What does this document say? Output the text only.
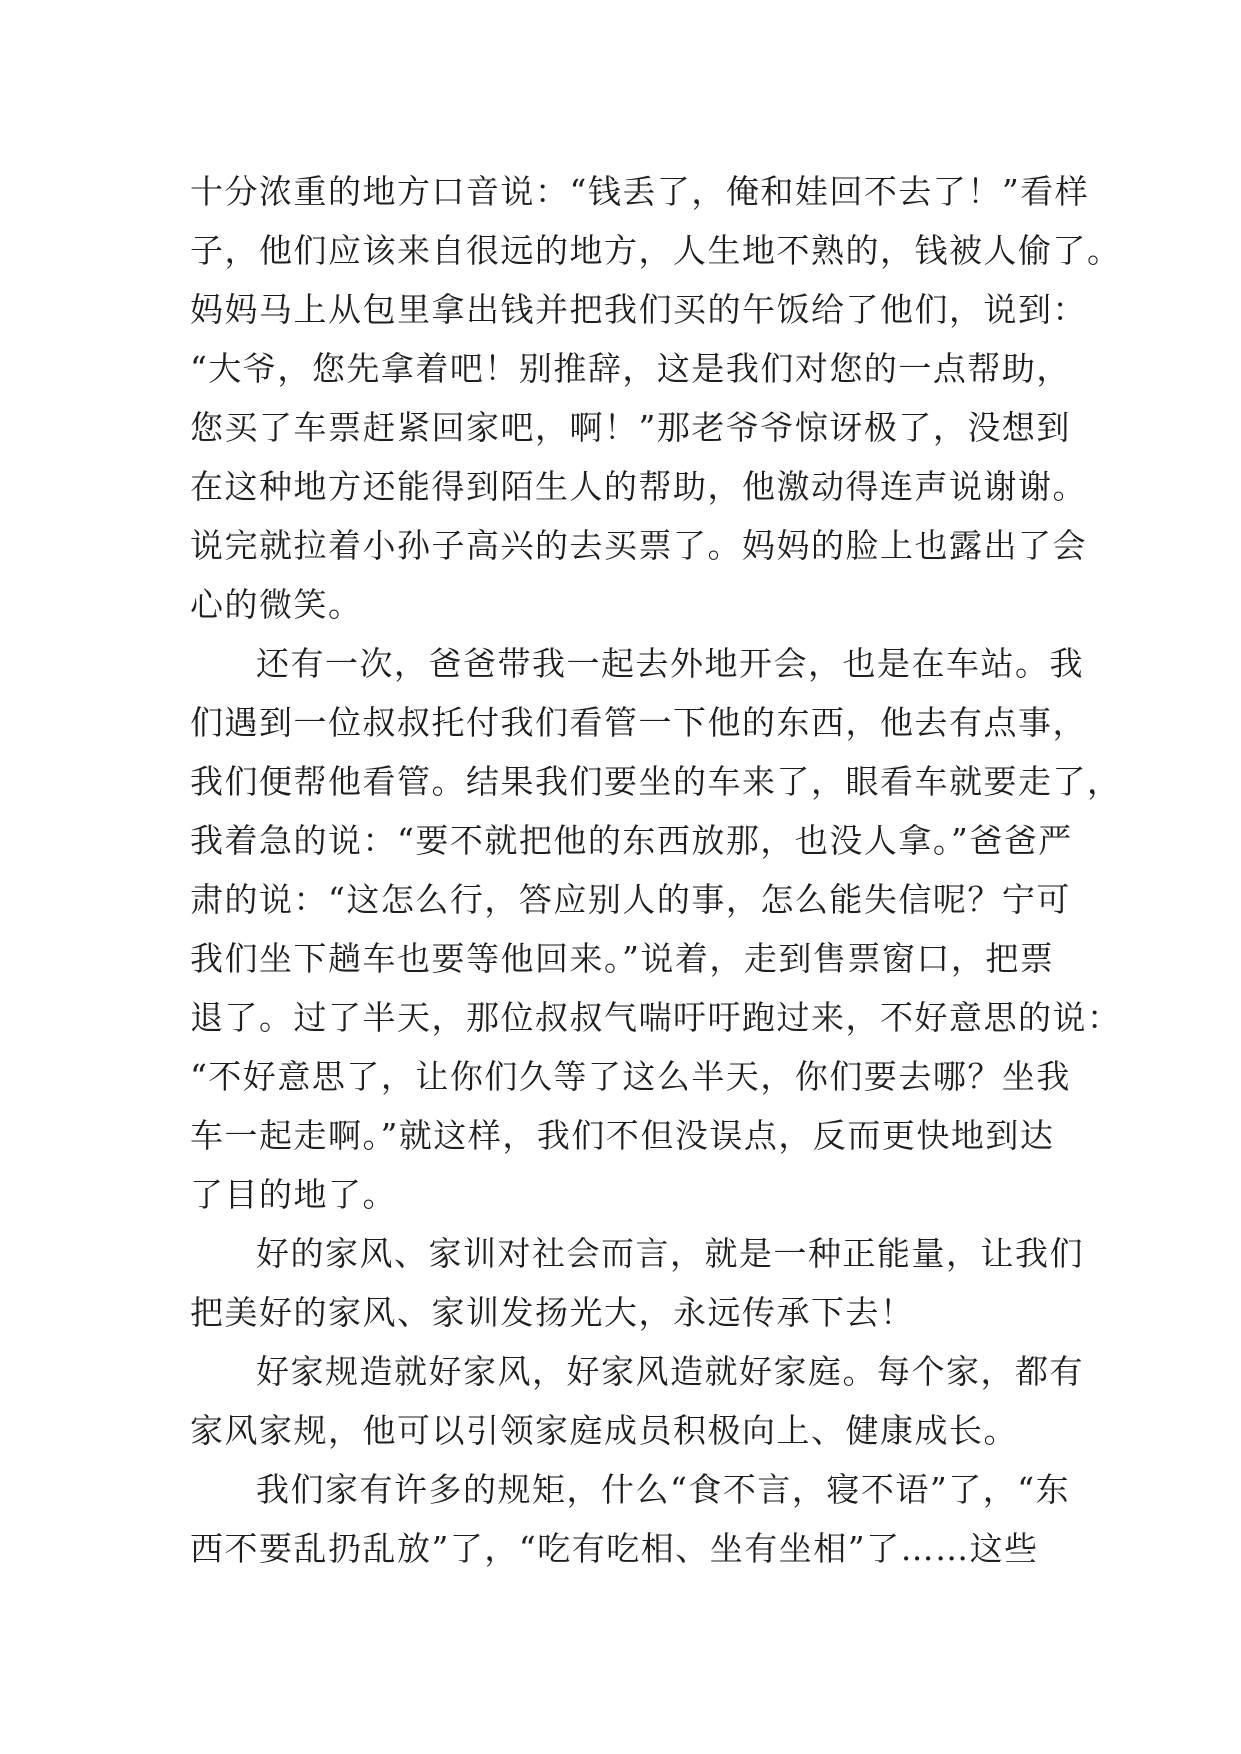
十分浓重的地方口音说：“钱丢了，俺和娃回不去了！”看样
子，他们应该来自很远的地方，人生地不熟的，钱被人偷了。
妈妈马上从包里拿出钱并把我们买的午饭给了他们，说到：
“大爷，您先拿着吧！别推辞，这是我们对您的一点帮助，
您买了车票赶紧回家吧，啊！”那老爷爷惊讶极了，没想到
在这种地方还能得到陌生人的帮助，他激动得连声说谢谢。
说完就拉着小孙子高兴的去买票了。妈妈的脸上也露出了会
心的微笑。
还有一次，爸爸带我一起去外地开会，也是在车站。我
们遇到一位叔叔托付我们看管一下他的东西，他去有点事，
我们便帮他看管。结果我们要坐的车来了，眼看车就要走了，
我着急的说：“要不就把他的东西放那，也没人拿。”爸爸严
肃的说：“这怎么行，答应别人的事，怎么能失信呢？宁可
我们坐下趟车也要等他回来。”说着，走到售票窗口，把票
退了。过了半天，那位叔叔气喘吁吁跑过来，不好意思的说：
“不好意思了，让你们久等了这么半天，你们要去哪？坐我
车一起走啊。”就这样，我们不但没误点，反而更快地到达
了目的地了。
好的家风、家训对社会而言，就是一种正能量，让我们
把美好的家风、家训发扬光大，永远传承下去！
好家规造就好家风，好家风造就好家庭。每个家，都有
家风家规，他可以引领家庭成员积极向上、健康成长。
我们家有许多的规矩，什么“食不言，寝不语”了，“东
西不要乱扔乱放”了，“吃有吃相、坐有坐相”了……这些
